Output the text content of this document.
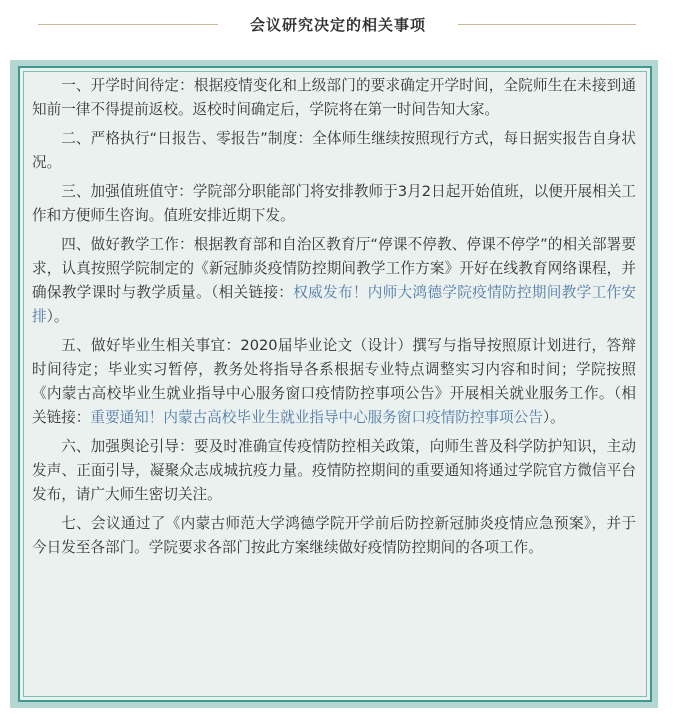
会议研究决定的相关事项

一、开学时间待定：根据疫情变化和上级部门的要求确定开学时间，全院师生在未接到通知前一律不得提前返校。返校时间确定后，学院将在第一时间告知大家。

二、严格执行“日报告、零报告”制度：全体师生继续按照现行方式，每日据实报告自身状况。

三、加强值班值守：学院部分职能部门将安排教师于3月2日起开始值班，以便开展相关工作和方便师生咨询。值班安排近期下发。

四、做好教学工作：根据教育部和自治区教育厅“停课不停教、停课不停学”的相关部署要求，认真按照学院制定的《新冠肺炎疫情防控期间教学工作方案》开好在线教育网络课程，并确保教学课时与教学质量。（相关链接：权威发布！内师大鸿德学院疫情防控期间教学工作安排）。

五、做好毕业生相关事宜：2020届毕业论文（设计）撰写与指导按照原计划进行，答辩时间待定；毕业实习暂停，教务处将指导各系根据专业特点调整实习内容和时间；学院按照《内蒙古高校毕业生就业指导中心服务窗口疫情防控事项公告》开展相关就业服务工作。（相关链接：重要通知！内蒙古高校毕业生就业指导中心服务窗口疫情防控事项公告）。

六、加强舆论引导：要及时准确宣传疫情防控相关政策，向师生普及科学防护知识，主动发声、正面引导，凝聚众志成城抗疫力量。疫情防控期间的重要通知将通过学院官方微信平台发布，请广大师生密切关注。

七、会议通过了《内蒙古师范大学鸿德学院开学前后防控新冠肺炎疫情应急预案》，并于今日发至各部门。学院要求各部门按此方案继续做好疫情防控期间的各项工作。
